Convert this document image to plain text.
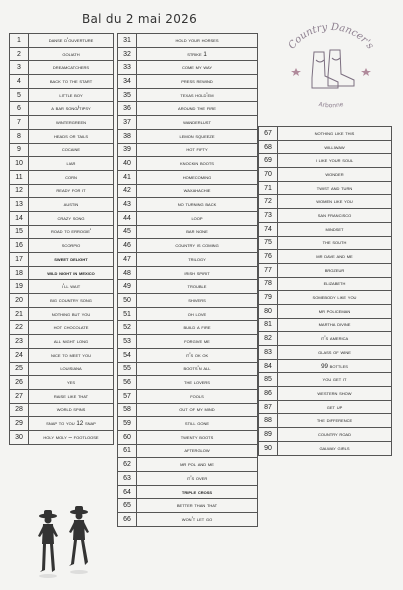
Bal du 2 mai 2026
Country Dancer's
Arbonne
1	danse d'ouverture
2	goliath
3	dreamcatchers
4	back to the start
5	little boy
6	a bar song/tipsy
7	wintergreen
8	heads or tails
9	cocaine
10	liar
11	corn
12	ready for it
13	austin
14	crazy song
15	road to errogie'
16	scorpio
17	sweet delight
18	wild night in mexico
19	i'll wait
20	big country song
21	nothing but you
22	hot chocolate
23	all night long
24	nice to meet you
25	louisiana
26	yes
27	raise like that
28	world spins
29	snap to you 12 snap
30	holy moly – footloose
31	hold your horses
32	strike 1
33	come my way
34	press rewind
35	texas hold'em
36	around the fire
37	wanderlust
38	lemon squeeze
39	hot fifty
40	knockin boots
41	homecoming
42	waxahachie
43	no turning back
44	loop
45	bar none
46	country is coming
47	trilogy
48	irish spirit
49	trouble
50	shivers
51	oh love
52	build a fire
53	forgive me
54	it's ok ok
55	boots'n all
56	the lovers
57	fools
58	out of my mind
59	still gone
60	twenty boots
61	afterglow
62	mr pol and me
63	it's over
64	triple cross
65	better than that
66	won't let go
67	nothing like this
68	williwaw
69	i like your soul
70	wonder
71	twist and turn
72	women like you
73	san francisco
74	mindset
75	the south
76	mr dave and me
77	brozeur
78	elizabeth
79	somebody like you
80	mr policeman
81	martha divine
82	it's america
83	glass of wine
84	99 bottles
85	you get it
86	western show
87	get up
88	the difference
89	country road
90	galway girls
